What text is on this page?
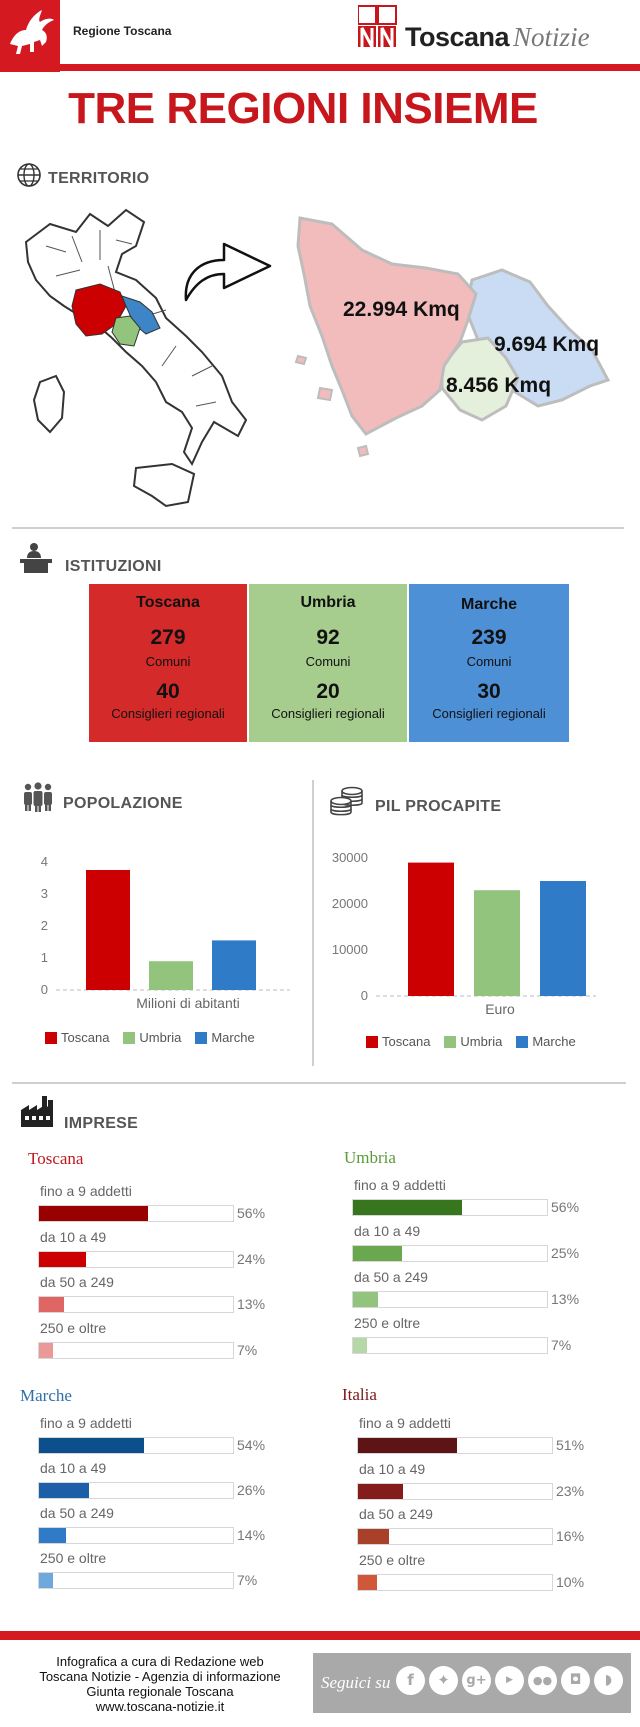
Regione Toscana	Toscana Notizie
TRE REGIONI INSIEME
TERRITORIO
22.994 Kmq
9.694 Kmq
8.456 Kmq
ISTITUZIONI
Toscana
279
Comuni
40
Consiglieri regionali
Umbria
92
Comuni
20
Consiglieri regionali
Marche
239
Comuni
30
Consiglieri regionali
POPOLAZIONE
0
1
2
3
4
Milioni di abitanti
Toscana Umbria Marche
PIL PROCAPITE
0
10000
20000
30000
Euro
Toscana Umbria Marche
IMPRESE
Toscana
fino a 9 addetti
56%
da 10 a 49
24%
da 50 a 249
13%
250 e oltre
7%
Umbria
fino a 9 addetti
56%
da 10 a 49
25%
da 50 a 249
13%
250 e oltre
7%
Marche
fino a 9 addetti
54%
da 10 a 49
26%
da 50 a 249
14%
250 e oltre
7%
Italia
fino a 9 addetti
51%
da 10 a 49
23%
da 50 a 249
16%
250 e oltre
10%
Infografica a cura di Redazione web
Toscana Notizie - Agenzia di informazione
Giunta regionale Toscana
www.toscana-notizie.it
Seguici su	f	✦	g+	▶	●●	◘	◗
